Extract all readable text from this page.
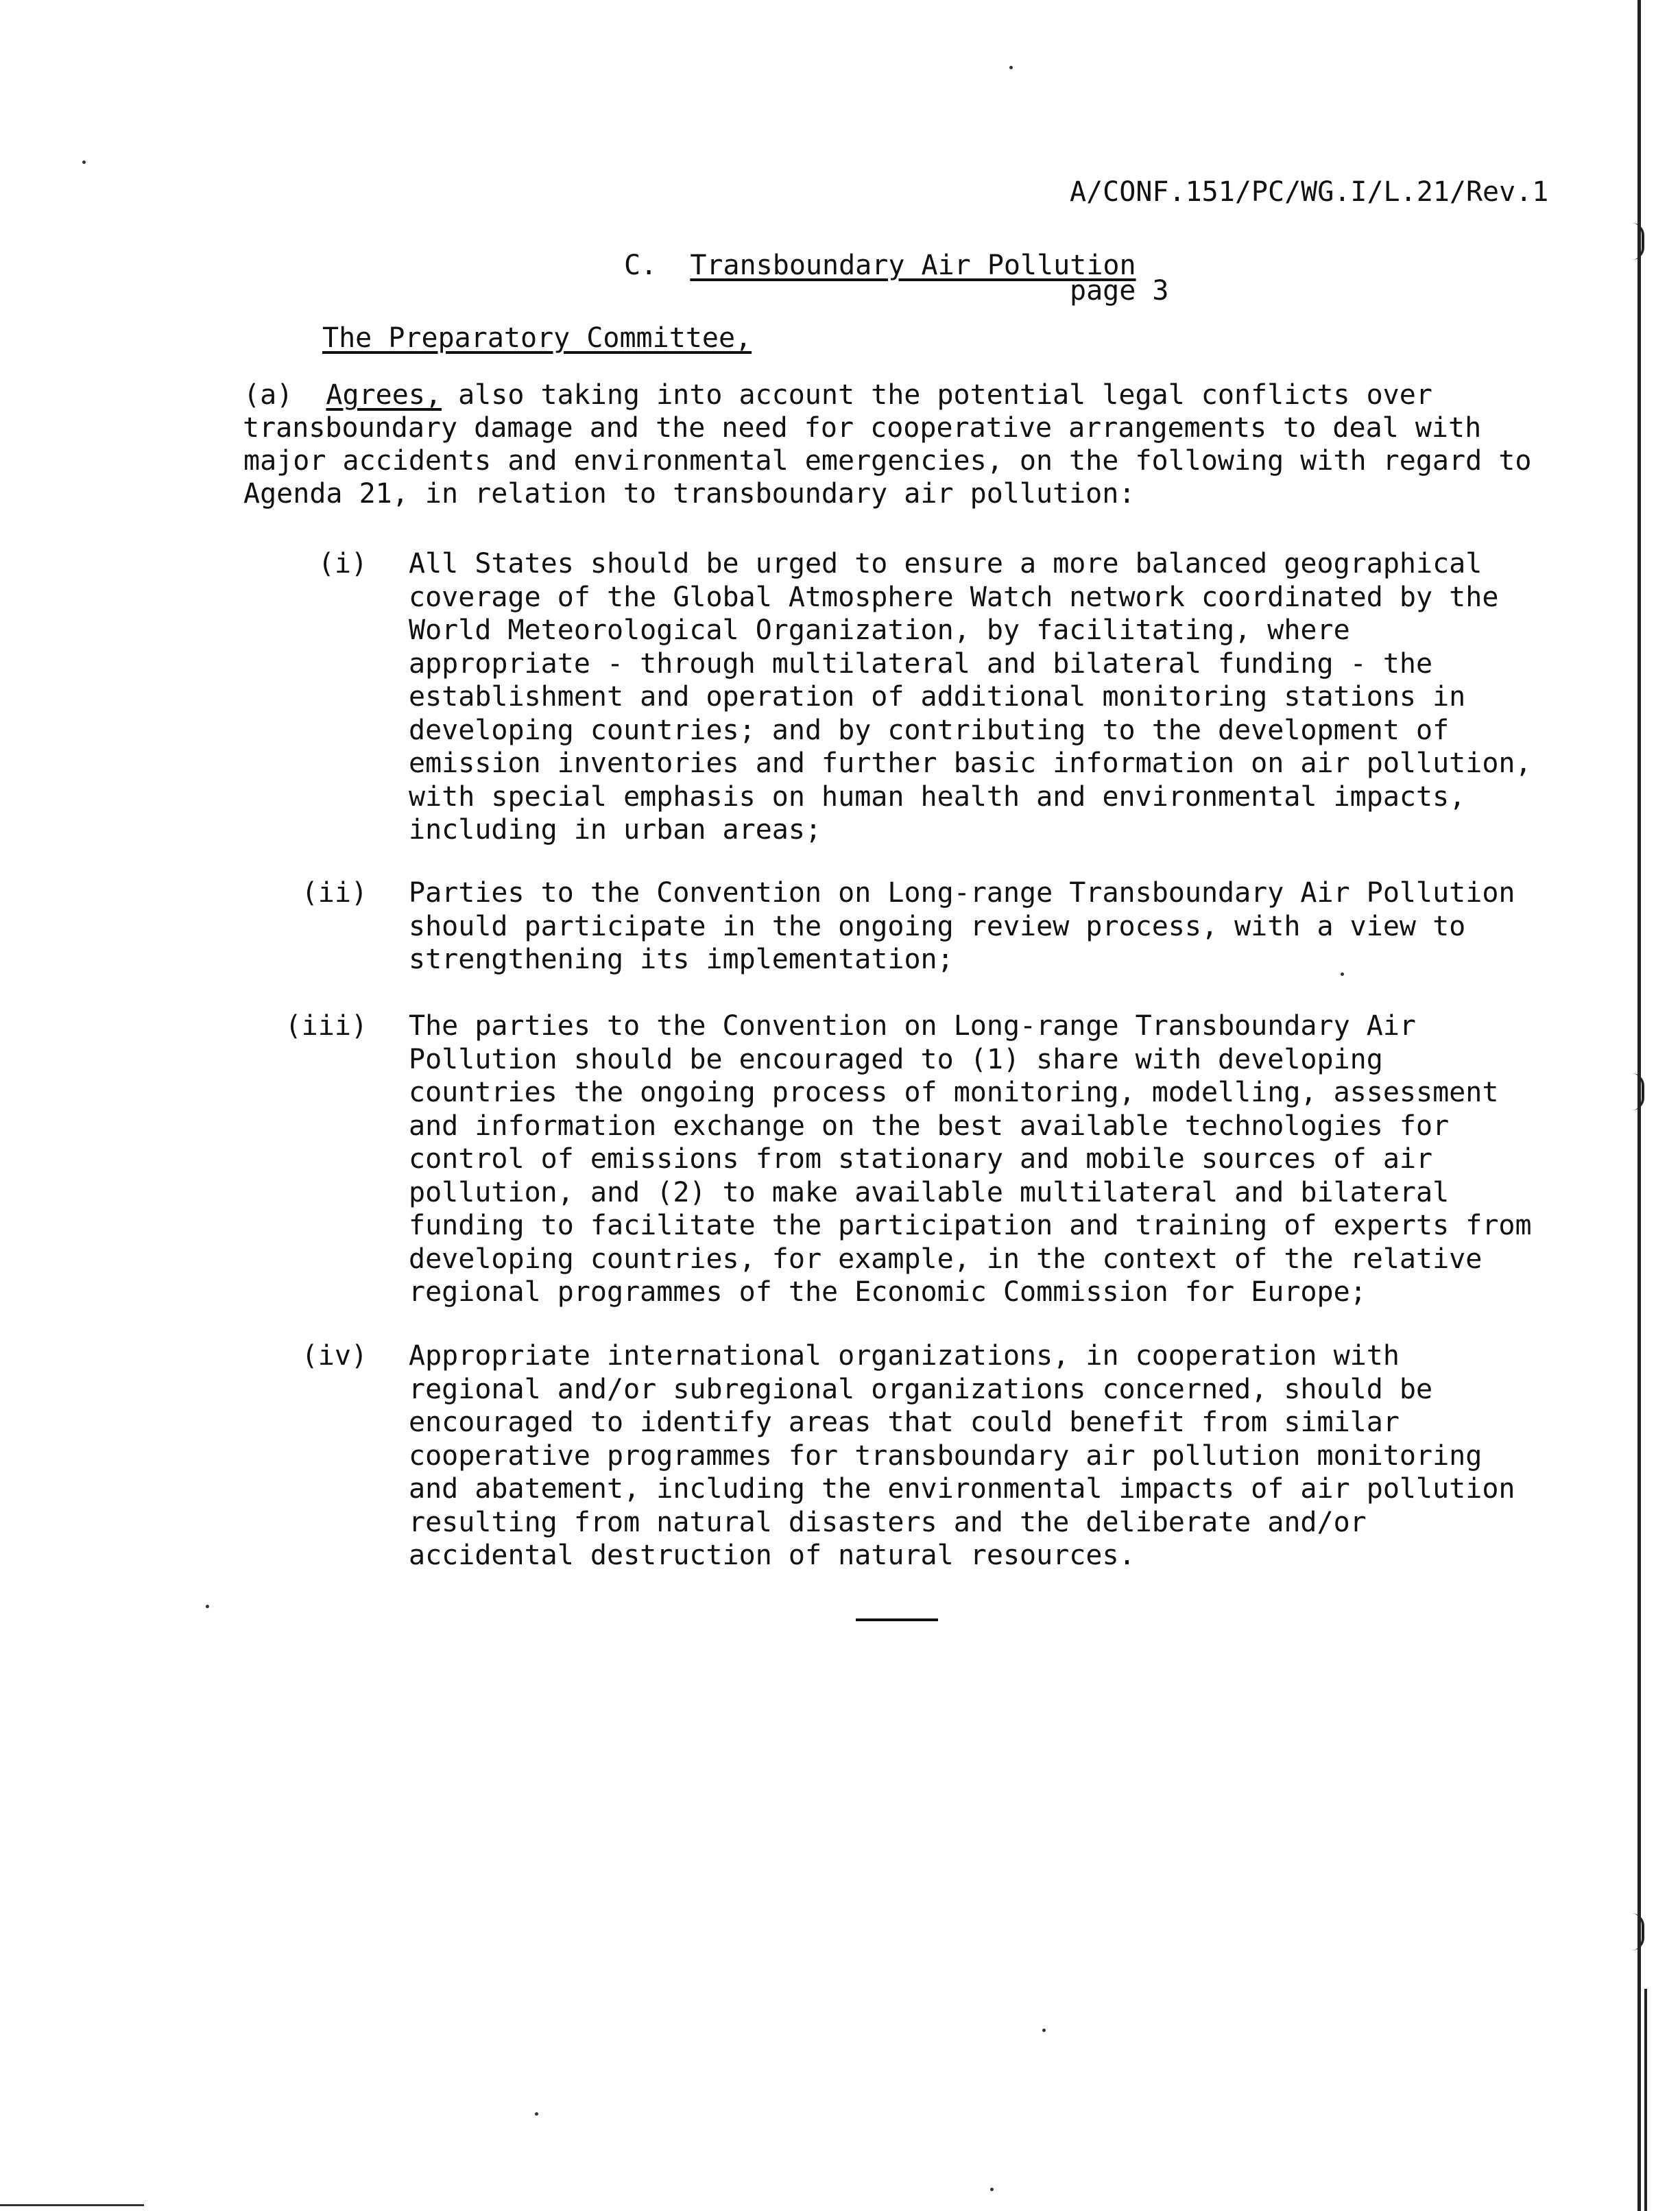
A/CONF.151/PC/WG.I/L.21/Rev.1

page 3

C. Transboundary Air Pollution
The Preparatory Committee,
(a) Agrees, also taking into account the potential legal conflicts over
transboundary damage and the need for cooperative arrangements to deal with
major accidents and environmental emergencies, on the following with regard to
Agenda 21, in relation to transboundary air pollution:
(i) All States should be urged to ensure a more balanced geographical
coverage of the Global Atmosphere Watch network coordinated by the
World Meteorological Organization, by facilitating, where
appropriate - through multilateral and bilateral funding - the
establishment and operation of additional monitoring stations in
developing countries; and by contributing to the development of
emission inventories and further basic information on air pollution,
with special emphasis on human health and environmental impacts,
including in urban areas;
(ii) Parties to the Convention on Long-range Transboundary Air Pollution
should participate in the ongoing review process, with a view to
strengthening its implementation;
(iii) The parties to the Convention on Long-range Transboundary Air
Pollution should be encouraged to (1) share with developing
countries the ongoing process of monitoring, modelling, assessment
and information exchange on the best available technologies for
control of emissions from stationary and mobile sources of air
pollution, and (2) to make available multilateral and bilateral
funding to facilitate the participation and training of experts from
developing countries, for example, in the context of the relative
regional programmes of the Economic Commission for Europe;
(iv) Appropriate international organizations, in cooperation with
regional and/or subregional organizations concerned, should be
encouraged to identify areas that could benefit from similar
cooperative programmes for transboundary air pollution monitoring
and abatement, including the environmental impacts of air pollution
resulting from natural disasters and the deliberate and/or
accidental destruction of natural resources.
